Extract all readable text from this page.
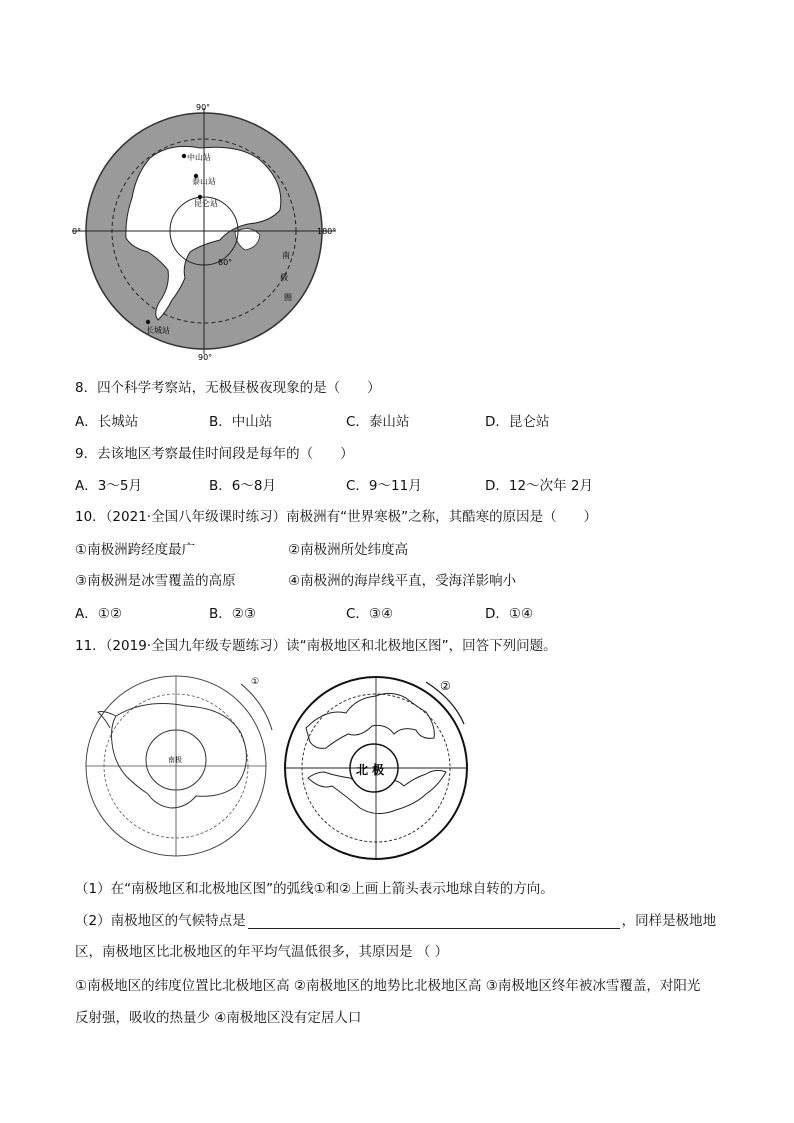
90°
90°
0°	180°
80°
中山站
泰山站
昆仑站
长城站
南
极
圈
8．四个科学考察站，无极昼极夜现象的是（　　）
A．长城站	B．中山站	C．泰山站	D．昆仑站
9．去该地区考察最佳时间段是每年的（　　）
A．3～5月	B．6～8月	C．9～11月	D．12～次年 2月
10．（2021·全国八年级课时练习）南极洲有“世界寒极”之称，其酷寒的原因是（　　）
①南极洲跨经度最广	②南极洲所处纬度高
③南极洲是冰雪覆盖的高原	④南极洲的海岸线平直，受海洋影响小
A．①②	B．②③	C．③④	D．①④
11．（2019·全国九年级专题练习）读“南极地区和北极地区图”，回答下列问题。
南极
①
北 极
②
（1）在“南极地区和北极地区图”的弧线①和②上画上箭头表示地球自转的方向。
（2）南极地区的气候特点是	，同样是极地地
区，南极地区比北极地区的年平均气温低很多，其原因是 （ ）
①南极地区的纬度位置比北极地区高 ②南极地区的地势比北极地区高 ③南极地区终年被冰雪覆盖，对阳光
反射强，吸收的热量少 ④南极地区没有定居人口
